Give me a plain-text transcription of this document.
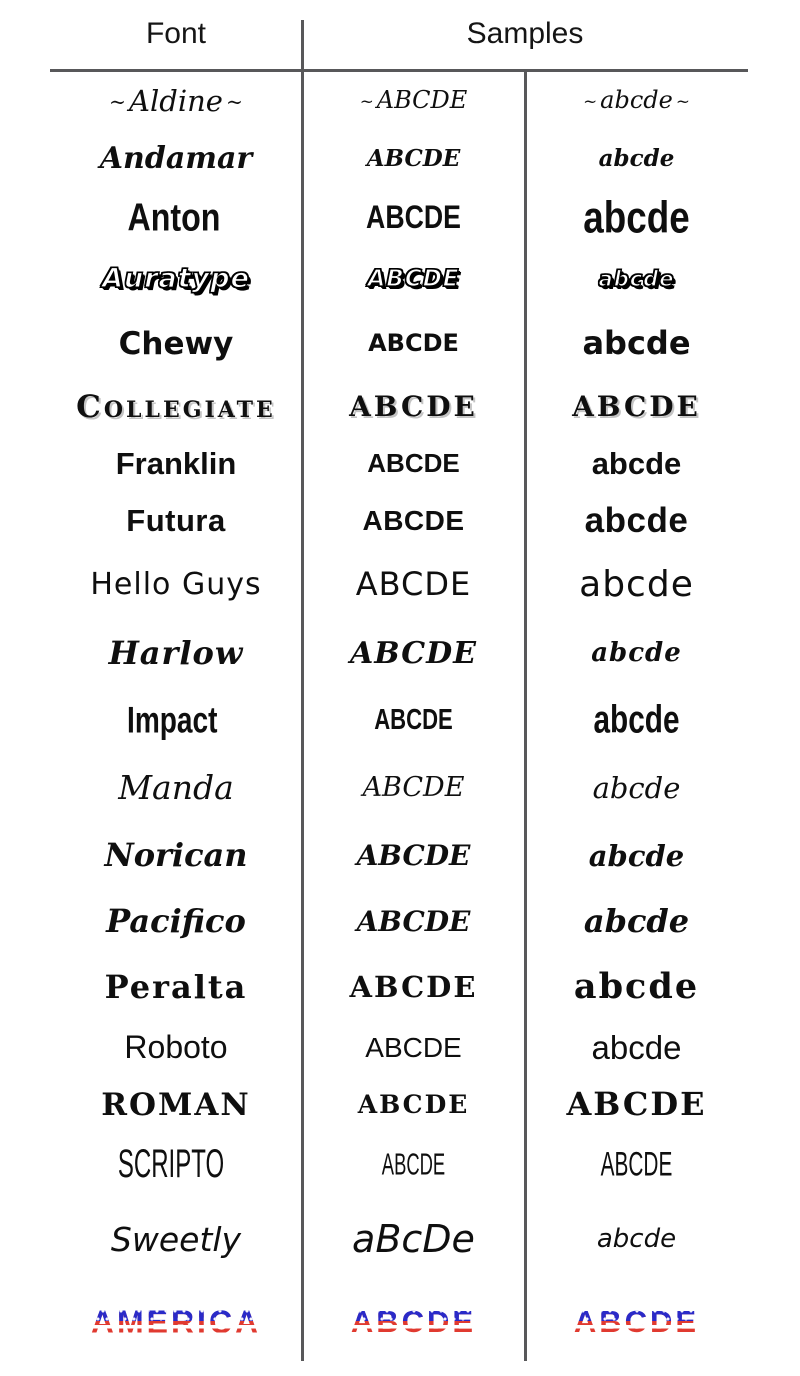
Font	Samples
~ Aldine ~	~ ABCDE	~ abcde ~
Andamar	ABCDE	abcde
Anton	ABCDE	abcde
Auratype	ABCDE	abcde
Chewy	ABCDE	abcde
Collegiate	ABCDE	ABCDE
Franklin	ABCDE	abcde
Futura	ABCDE	abcde
Hello Guys	ABCDE	abcde
Harlow	ABCDE	abcde
Impact	ABCDE	abcde
Manda	ABCDE	abcde
Norican	ABCDE	abcde
Pacifico	ABCDE	abcde
Peralta	ABCDE	abcde
Roboto	ABCDE	abcde
ROMAN	ABCDE	ABCDE
SCRIPTO	ABCDE	ABCDE
Sweetly	aBcDe	abcde
AMERICA	ABCDE	ABCDE
